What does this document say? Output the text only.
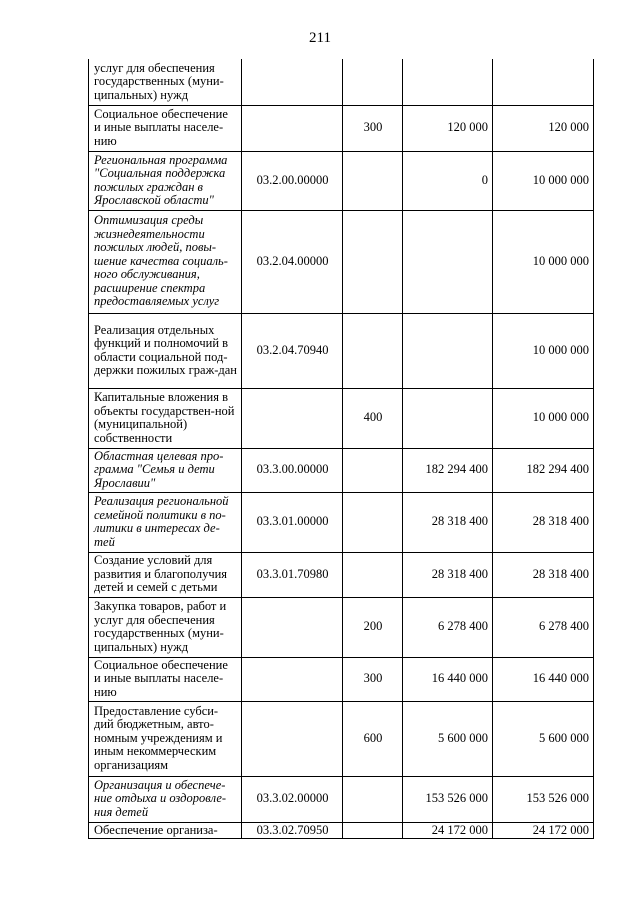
211
услуг для обеспечения государственных (муни-ципальных) нужд				
Социальное обеспечение и иные выплаты населе-нию		300	120 000	120 000
Региональная программа "Социальная поддержка пожилых граждан в Ярославской области"	03.2.00.00000		0	10 000 000
Оптимизация среды жизнедеятельности пожилых людей, повы-шение качества социаль-ного обслуживания, расширение спектра предоставляемых услуг	03.2.04.00000			10 000 000
Реализация отдельных функций и полномочий в области социальной под-держки пожилых граж-дан	03.2.04.70940			10 000 000
Капитальные вложения в объекты государствен-ной (муниципальной) собственности		400		10 000 000
Областная целевая про-грамма "Семья и дети Ярославии"	03.3.00.00000		182 294 400	182 294 400
Реализация региональной семейной политики в по-литики в интересах де-тей	03.3.01.00000		28 318 400	28 318 400
Создание условий для развития и благополучия детей и семей с детьми	03.3.01.70980		28 318 400	28 318 400
Закупка товаров, работ и услуг для обеспечения государственных (муни-ципальных) нужд		200	6 278 400	6 278 400
Социальное обеспечение и иные выплаты населе-нию		300	16 440 000	16 440 000
Предоставление субси-дий бюджетным, авто-номным учреждениям и иным некоммерческим организациям		600	5 600 000	5 600 000
Организация и обеспече-ние отдыха и оздоровле-ния детей	03.3.02.00000		153 526 000	153 526 000
Обеспечение организа-	03.3.02.70950		24 172 000	24 172 000
